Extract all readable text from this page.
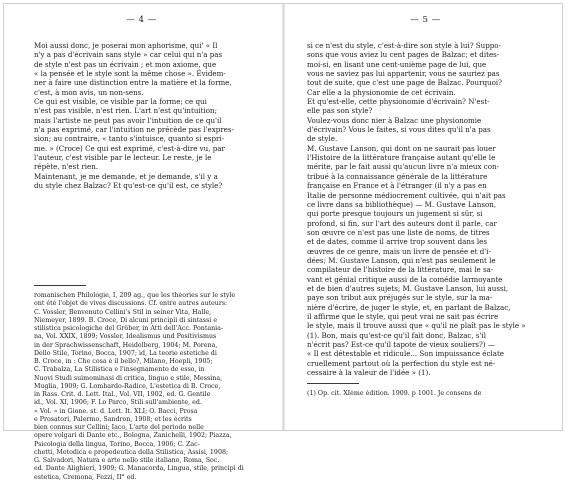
— 4 —
Moi aussi donc, je poserai mon aphorisme, qui' « Il
n'y a pas d'écrivain sans style » car celui qui n'a pas
de style n'est pas un écrivain ; et mon axiome, que
« la pensée et le style sont la même chose ». Évidem-
ner à faire une distinction entre la matière et la forme,
c'est, à mon avis, un non-sens.
Ce qui est visible, ce visible par la forme; ce qui
n'est pas visible, n'est rien. L'art n'est qu'intuition;
mais l'artiste ne peut pas avoir l'intuition de ce qu'il
n'a pas exprimé, car l'intuition ne précède pas l'expres-
sion; au contraire, « tanto s'intuisce, quanto si espri-
me. » (Croce) Ce qui est exprimé, c'est-à-dire vu, par
l'auteur, c'est visible par le lecteur. Le reste, je le
répète, n'est rien.
Maintenant, je me demande, et je demande, s'il y a
du style chez Balzac? Et qu'est-ce qu'il est, ce style?
romanischen Philologie, I, 209 ag., que les théories sur le style
ont été l'objet de vives discussions. Cf. entre autres auteurs:
C. Vossler, Benvenuto Cellini's Stil in seiner Vita, Halle,
Niemeyer, 1899. B. Croce, Di alcuni principii di sintassi e
stilistica psicologiche del Gröber, in Atti dell'Acc. Pontania-
na, Vol. XXIX, 1899; Vossler, Idealismus und Positivismus
in der Sprachwissenschaft, Heidelberg, 1904; M. Porena,
Dello Stile, Torino, Bocca, 1907; id, La teorie estetiche di
B. Croce, in : Che cosa è il bello?, Milano, Hoepli, 1905;
C. Trabalza, La Stilistica e l'insegnamento de esso, in
Nuovi Studi suimominasi di critica, linguo e stile, Messina,
Muglia, 1909; G. Lombardo-Radice, L'estetica di B. Croce,
in Rass. Crit. d. Lett. Ital., Vol. VII, 1902, ed. G. Gentile
id., Vol. XI, 1906; F. Lo Parco, Stili sull'ambiente, ed.
« Vol. » in Gione. st. d. Lett. It. XLI; O. Bacci, Prosa
e Prosatori, Palermo, Sandron, 1908; et les écrits
bien connus sur Cellini; Iaco, L'arte del periodo nelle
opere volgari di Dante etc., Bologna, Zanichelli, 1902; Piazza,
Psicologia della lingua, Torino, Bocca, 1906; C. Zac-
chetti, Metodica e propedeutica della Stilistica, Assisi, 1908;
G. Salvadori, Natura e arte nello stile italiano, Roma, Soc.
ed. Dante Alighieri, 1909; G. Manacorda, Lingua, stile, principi di
estetica, Cremona, Fezzi, II° ed.
— 5 —
si ce n'est du style, c'est-à-dire son style à lui? Suppo-
sons que vous aviez lu cent pages de Balzac; et dites-
moi-si, en lisant une cent-unième page de lui, que
vous ne saviez pas lui appartenir, vous ne sauriez pas
tout de suite, que c'est une page de Balzac. Pourquoi?
Car elle a la physionomie de cet écrivain.
Et qu'est-elle, cette physionomie d'écrivain? N'est-
elle pas son style?
Voulez-vous donc nier à Balzac une physionomie
d'écrivain? Vous le faites, si vous dites qu'il n'a pas
de style.
M. Gustave Lanson, qui dont on ne saurait pas louer
l'Histoire de la littérature française autant qu'elle le
mérite, par le fait aussi qu'aucun livre n'a mieux con-
tribué à la connaissance générale de la littérature
française en France et à l'étranger (il n'y a pas en
Italie de personne médiocrement cultivée, qui n'ait pas
ce livre dans sa bibliothèque) — M. Gustave Lanson,
qui porte presque toujours un jugement si sûr, si
profond, si fin, sur l'art des auteurs dont il parle, car
son œuvre ce n'est pas une liste de noms, de titres
et de dates, comme il arrive trop souvent dans les
œuvres de ce genre, mais un livre de pensée et d'i-
dées; M. Gustave Lanson, qui n'est pas seulement le
compilateur de l'histoire de la littérature, mai le sa-
vant et génial critique aussi de la comédie larmoyante
et de bien d'autres sujets; M. Gustave Lanson, lui aussi,
paye son tribut aux préjugés sur le style, sur la ma-
nière d'écrire, de juger le style, et, en parlant de Balzac,
il affirme que le style, qui peut vrai ne sait pas écrire
le style, mais il trouve aussi que « qu'il ne plaît pas le style »
(1). Bon, mais qu'est-ce qu'il fait donc, Balzac, s'il
n'écrit pas? Est-ce qu'il tapote de vieux souliers?) —
« Il est détestable et ridicule... Son impuissance éclate
cruellement partout où la perfection du style est né-
cessaire à la valeur de l'idée » (1).
(1) Op. cit. XIème édition. 1909. p 1001. Je consens de
